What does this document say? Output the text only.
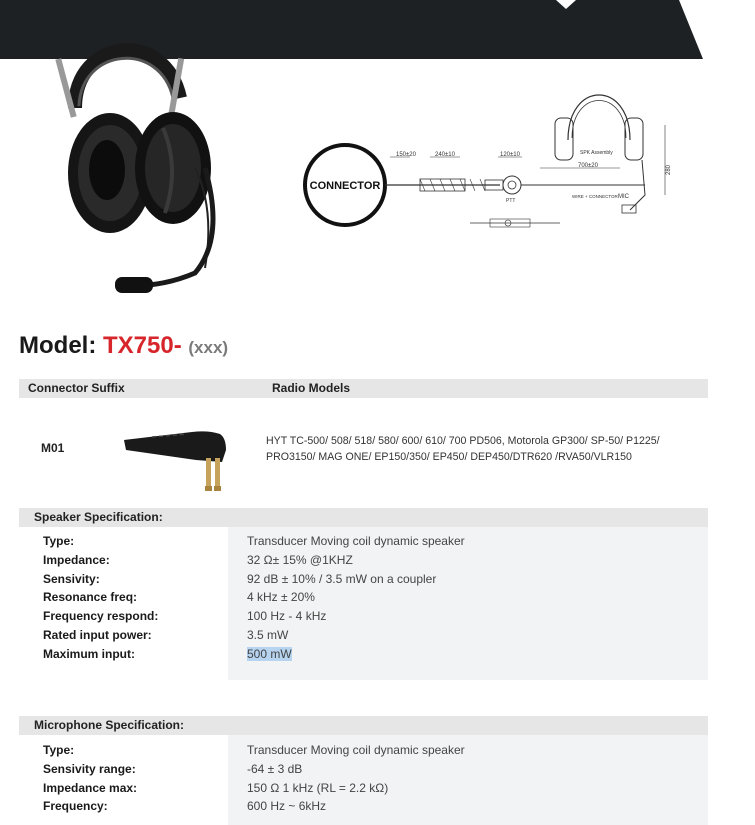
CONNECTOR
150±20	240±10	120±10
PTT
SPK Assembly
700±20	280
MIC
WIRE + CONNECTOR
Model: TX750- (xxx)
Connector Suffix	Radio Models
M01	HYT TC-500/ 508/ 518/ 580/ 600/ 610/ 700 PD506, Motorola GP300/ SP-50/ P1225/ PRO3150/ MAG ONE/ EP150/350/ EP450/ DEP450/DTR620 /RVA50/VLR150
Speaker Specification:
Type:	Transducer Moving coil dynamic speaker
Impedance:	32 Ω± 15% @1KHZ
Sensivity:	92 dB ± 10% / 3.5 mW on a coupler
Resonance freq:	4 kHz ± 20%
Frequency respond:	100 Hz - 4 kHz
Rated input power:	3.5 mW
Maximum input:	500 mW
Microphone Specification:
Type:	Transducer Moving coil dynamic speaker
Sensivity range:	-64 ± 3 dB
Impedance max:	150 Ω 1 kHz (RL = 2.2 kΩ)
Frequency:	600 Hz ~ 6kHz
